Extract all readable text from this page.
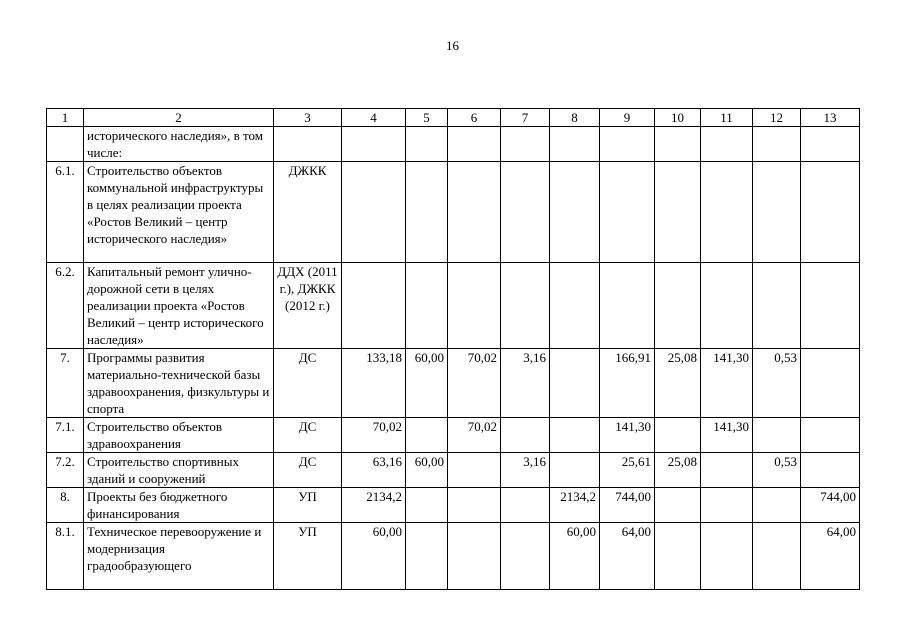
16
1	2	3	4	5	6	7	8	9	10	11	12	13
	исторического наследия», в том числе:											
6.1.	Строительство объектов коммунальной инфраструктуры в целях реализации проекта «Ростов Великий – центр исторического наследия»	ДЖКК										
6.2.	Капитальный ремонт улично-дорожной сети в целях реализации проекта «Ростов Великий – центр исторического наследия»	ДДХ (2011 г.), ДЖКК (2012 г.)										
7.	Программы развития материально-технической базы здравоохранения, физкультуры и спорта	ДС	133,18	60,00	70,02	3,16		166,91	25,08	141,30	0,53	
7.1.	Строительство объектов здравоохранения	ДС	70,02		70,02			141,30		141,30		
7.2.	Строительство спортивных зданий и сооружений	ДС	63,16	60,00		3,16		25,61	25,08		0,53	
8.	Проекты без бюджетного финансирования	УП	2134,2				2134,2	744,00				744,00
8.1.	Техническое перевооружение и модернизация градообразующего	УП	60,00				60,00	64,00				64,00
